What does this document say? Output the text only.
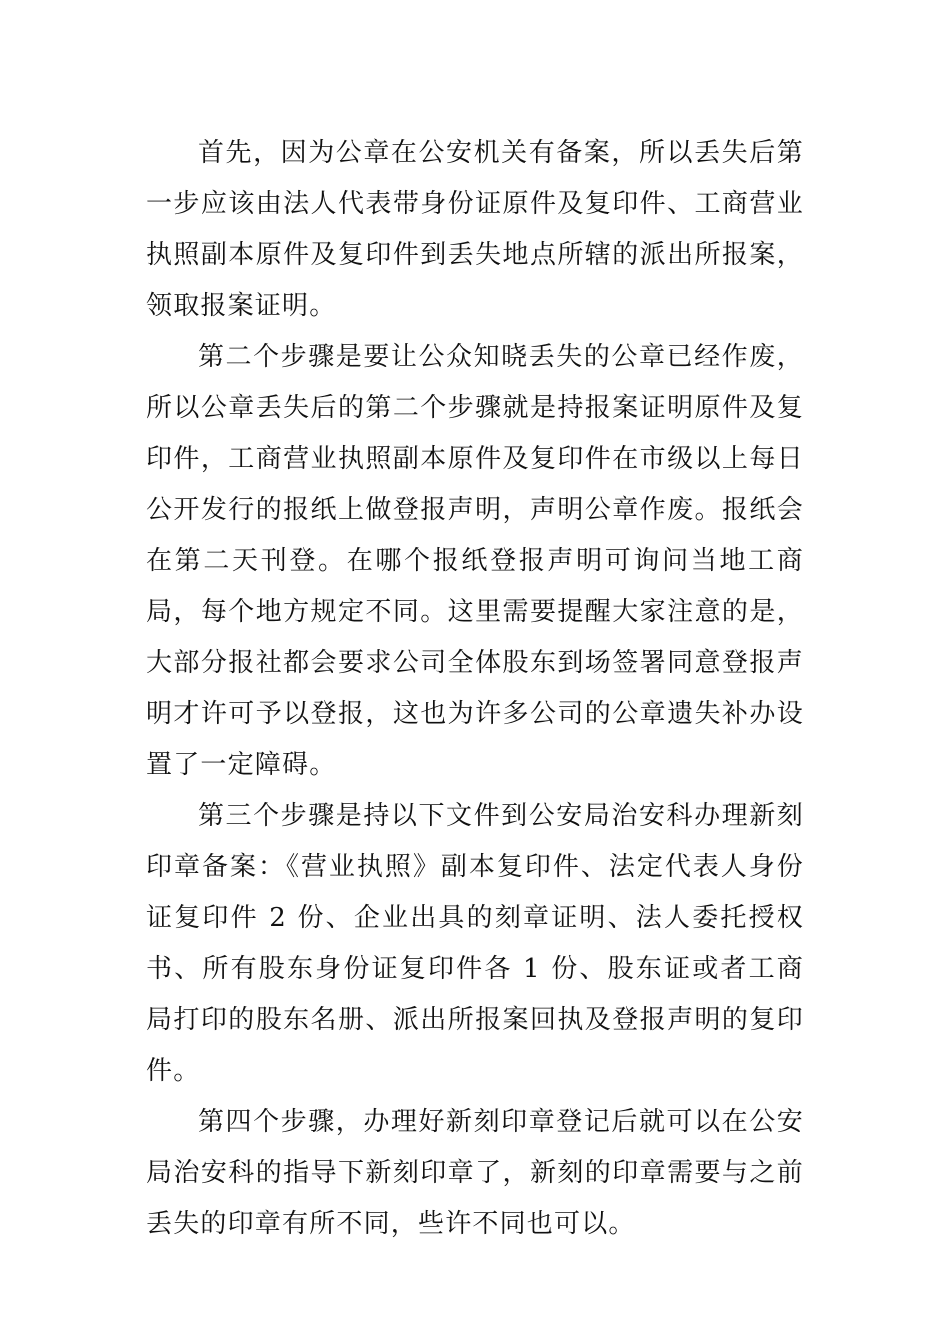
首先，因为公章在公安机关有备案，所以丢失后第一步应该由法人代表带身份证原件及复印件、工商营业执照副本原件及复印件到丢失地点所辖的派出所报案，领取报案证明。

第二个步骤是要让公众知晓丢失的公章已经作废，所以公章丢失后的第二个步骤就是持报案证明原件及复印件，工商营业执照副本原件及复印件在市级以上每日公开发行的报纸上做登报声明，声明公章作废。报纸会在第二天刊登。在哪个报纸登报声明可询问当地工商局，每个地方规定不同。这里需要提醒大家注意的是，大部分报社都会要求公司全体股东到场签署同意登报声明才许可予以登报，这也为许多公司的公章遗失补办设置了一定障碍。

第三个步骤是持以下文件到公安局治安科办理新刻印章备案：《营业执照》副本复印件、法定代表人身份证复印件 2 份、企业出具的刻章证明、法人委托授权书、所有股东身份证复印件各 1 份、股东证或者工商局打印的股东名册、派出所报案回执及登报声明的复印件。

第四个步骤，办理好新刻印章登记后就可以在公安局治安科的指导下新刻印章了，新刻的印章需要与之前丢失的印章有所不同，些许不同也可以。
